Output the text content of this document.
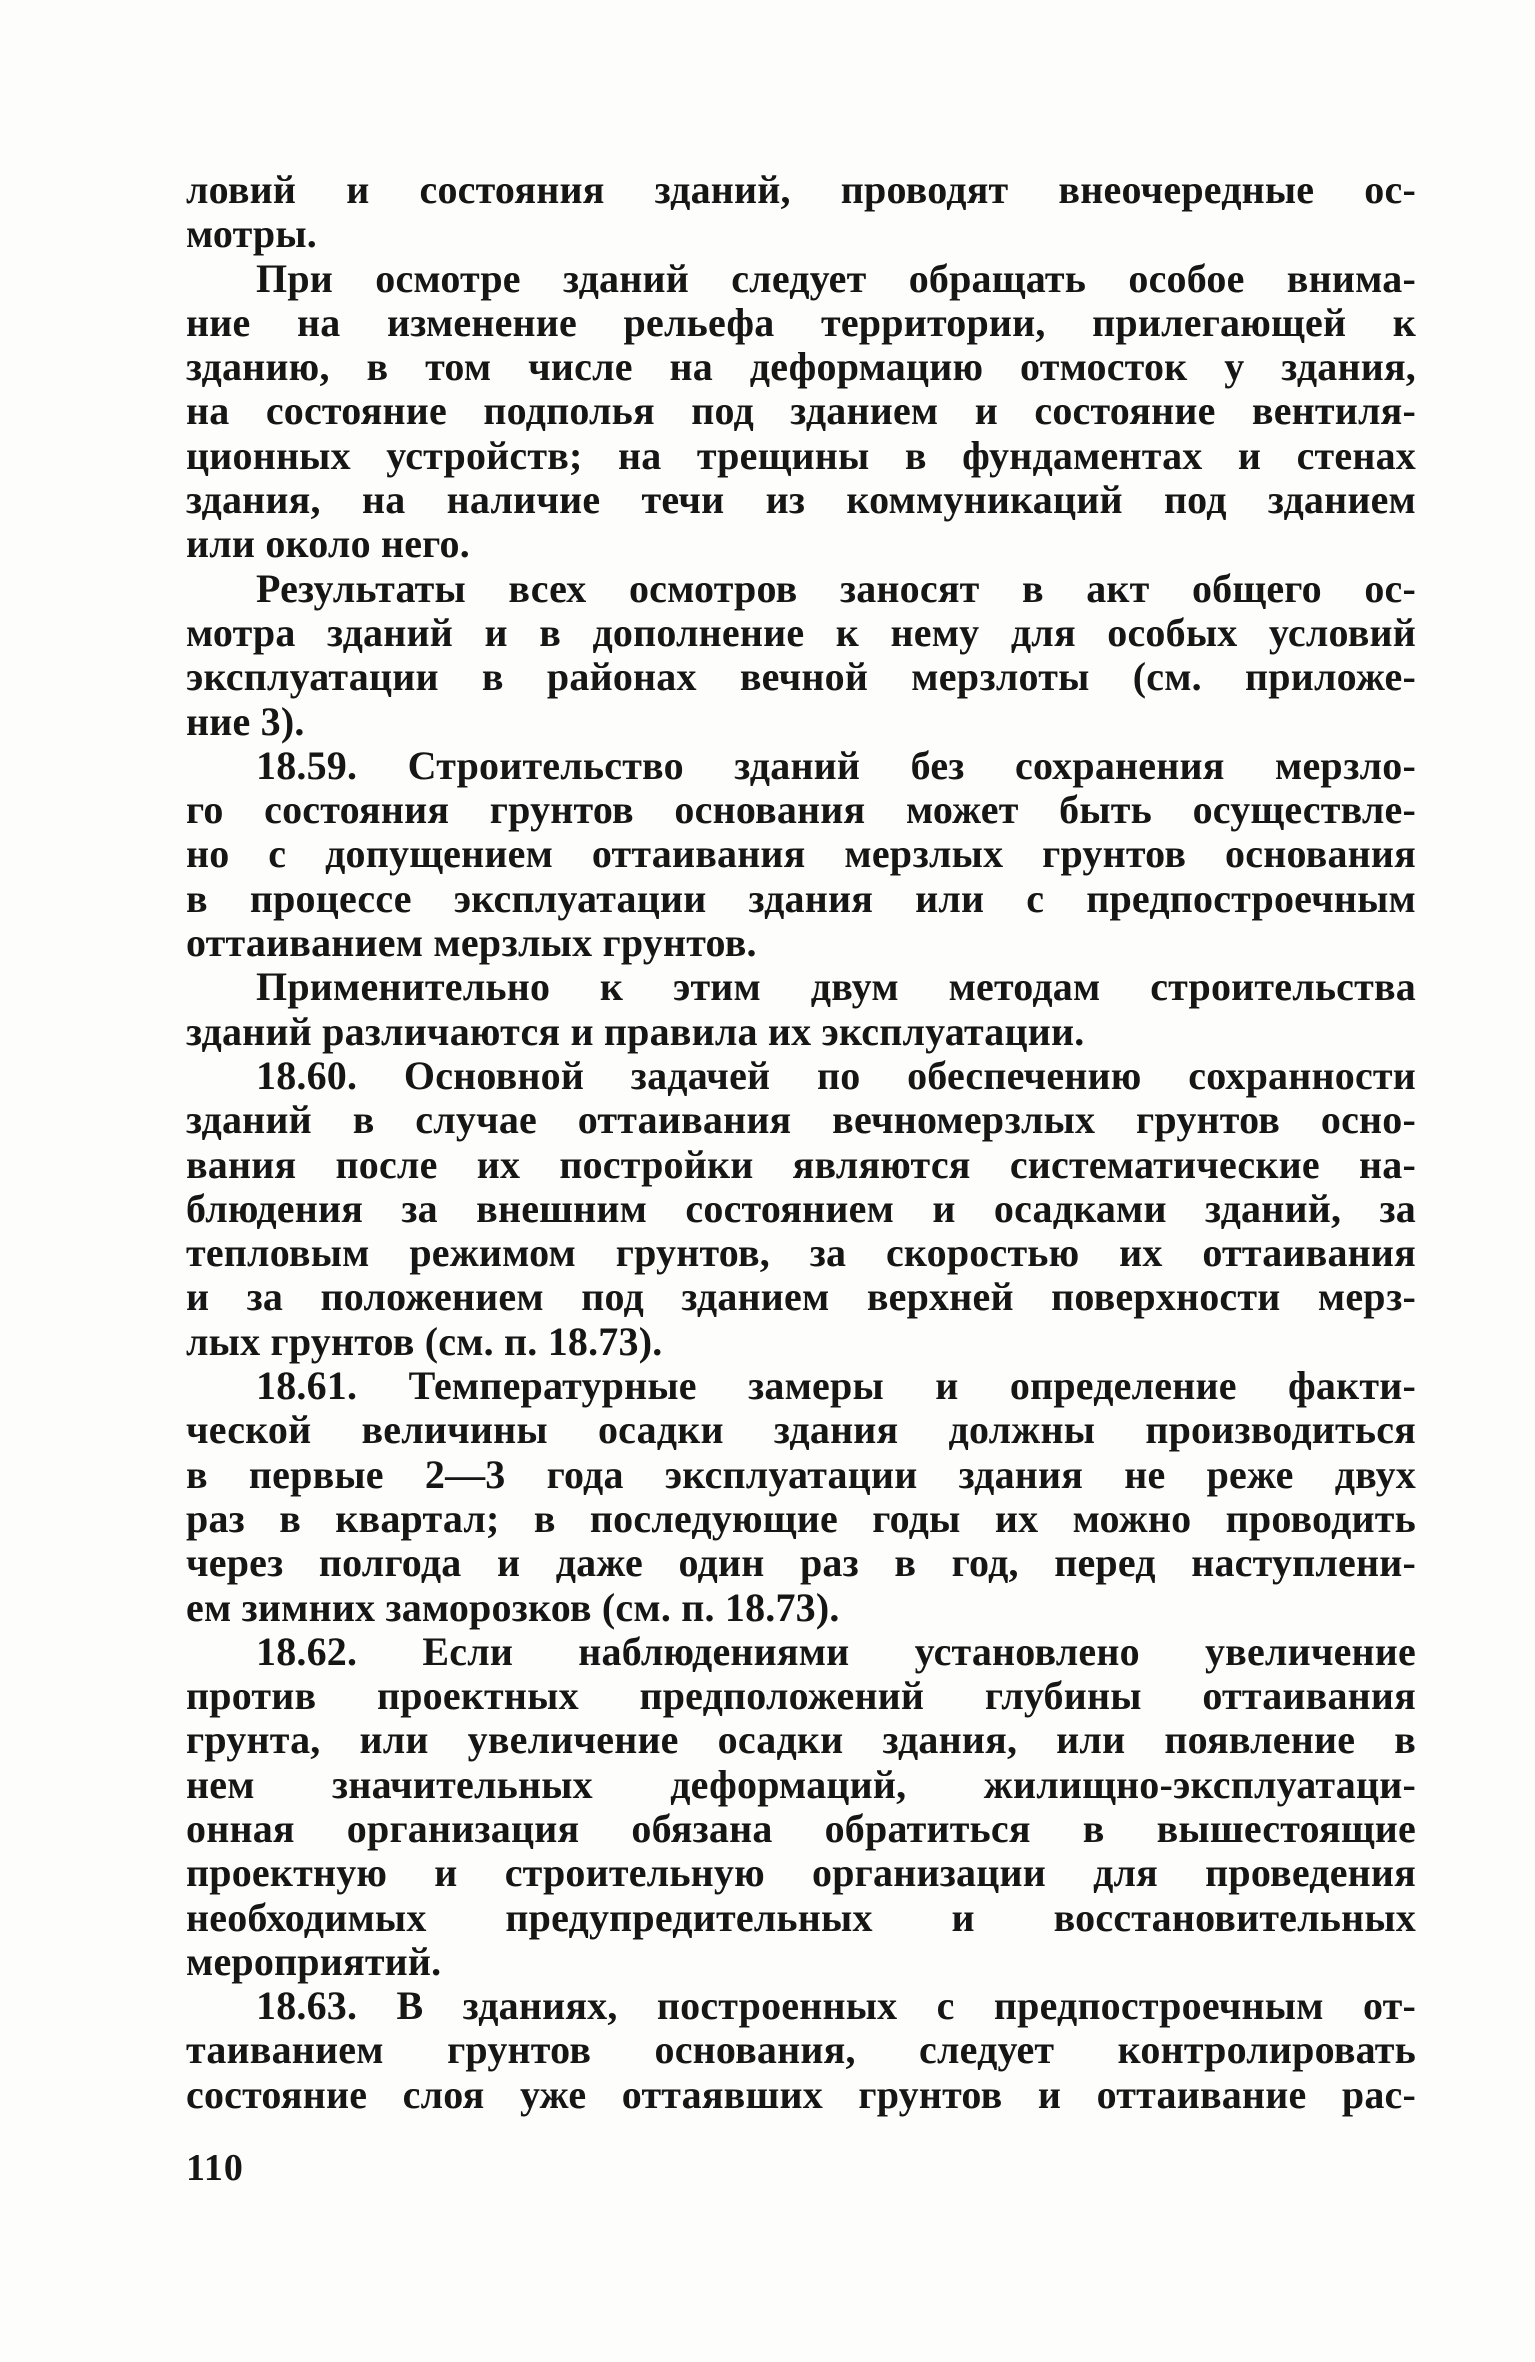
ловий и состояния зданий, проводят внеочередные ос-
мотры.
При осмотре зданий следует обращать особое внима-
ние на изменение рельефа территории, прилегающей к
зданию, в том числе на деформацию отмосток у здания,
на состояние подполья под зданием и состояние вентиля-
ционных устройств; на трещины в фундаментах и стенах
здания, на наличие течи из коммуникаций под зданием
или около него.
Результаты всех осмотров заносят в акт общего ос-
мотра зданий и в дополнение к нему для особых условий
эксплуатации в районах вечной мерзлоты (см. приложе-
ние 3).
18.59. Строительство зданий без сохранения мерзло-
го состояния грунтов основания может быть осуществле-
но с допущением оттаивания мерзлых грунтов основания
в процессе эксплуатации здания или с предпостроечным
оттаиванием мерзлых грунтов.
Применительно к этим двум методам строительства
зданий различаются и правила их эксплуатации.
18.60. Основной задачей по обеспечению сохранности
зданий в случае оттаивания вечномерзлых грунтов осно-
вания после их постройки являются систематические на-
блюдения за внешним состоянием и осадками зданий, за
тепловым режимом грунтов, за скоростью их оттаивания
и за положением под зданием верхней поверхности мерз-
лых грунтов (см. п. 18.73).
18.61. Температурные замеры и определение факти-
ческой величины осадки здания должны производиться
в первые 2—3 года эксплуатации здания не реже двух
раз в квартал; в последующие годы их можно проводить
через полгода и даже один раз в год, перед наступлени-
ем зимних заморозков (см. п. 18.73).
18.62. Если наблюдениями установлено увеличение
против проектных предположений глубины оттаивания
грунта, или увеличение осадки здания, или появление в
нем значительных деформаций, жилищно-эксплуатаци-
онная организация обязана обратиться в вышестоящие
проектную и строительную организации для проведения
необходимых предупредительных и восстановительных
мероприятий.
18.63. В зданиях, построенных с предпостроечным от-
таиванием грунтов основания, следует контролировать
состояние слоя уже оттаявших грунтов и оттаивание рас-
110
